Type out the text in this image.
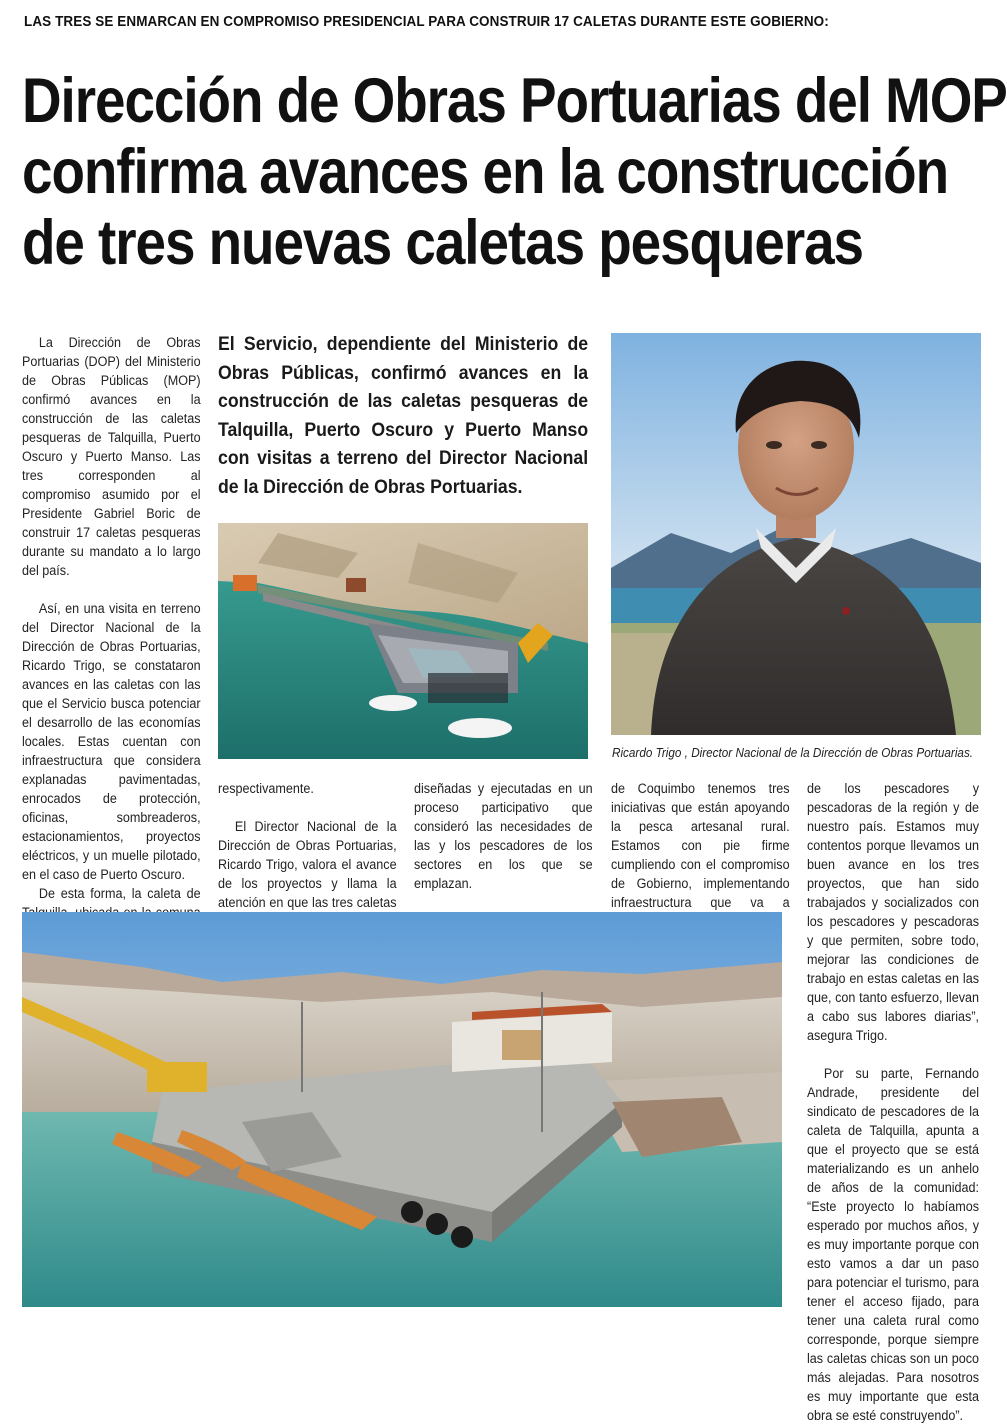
LAS TRES SE ENMARCAN EN COMPROMISO PRESIDENCIAL PARA CONSTRUIR 17 CALETAS DURANTE ESTE GOBIERNO:
Dirección de Obras Portuarias del MOP
confirma avances en la construcción
de tres nuevas caletas pesqueras

La Dirección de Obras Portuarias (DOP) del Ministerio de Obras Públicas (MOP) confirmó avances en la construcción de las caletas pesqueras de Talquilla, Puerto Oscuro y Puerto Manso. Las tres corresponden al compromiso asumido por el Presidente Gabriel Boric de construir 17 caletas pesqueras durante su mandato a lo largo del país.

Así, en una visita en terreno del Director Nacional de la Dirección de Obras Portuarias, Ricardo Trigo, se constataron avances en las caletas con las que el Servicio busca potenciar el desarrollo de las economías locales. Estas cuentan con infraestructura que considera explanadas pavimentadas, enrocados de protección, oficinas, sombreaderos, estacionamientos, proyectos eléctricos, y un muelle pilotado, en el caso de Puerto Oscuro.

De esta forma, la caleta de

El Servicio, dependiente del Ministerio de Obras Públicas, confirmó avances en la construcción de las caletas pesqueras de Talquilla, Puerto Oscuro y Puerto Manso con visitas a terreno del Director Nacional de la Dirección de Obras Portuarias.
Ricardo Trigo , Director Nacional de la Dirección de Obras Portuarias.

respectivamente.

El Director Nacional de la Dirección de Obras Portuarias, Ricardo Trigo, valora el avance de los proyectos y llama la atención en que las tres caletas

diseñadas y ejecutadas en un proceso participativo que consideró las necesidades de las y los pescadores de los sectores en los que se emplazan.

de Coquimbo tenemos tres iniciativas que están apoyando la pesca artesanal rural. Estamos con pie firme cumpliendo con el compromiso de Gobierno, implementando infraestructura que va a

de los pescadores y pescadoras de la región y de nuestro país. Estamos muy contentos porque llevamos un buen avance en los tres proyectos, que han sido trabajados y socializados con los pescadores y pescadoras y que permiten, sobre todo, mejorar las condiciones de trabajo en estas caletas en las que, con tanto esfuerzo, llevan a cabo sus labores diarias”, asegura Trigo.

Por su parte, Fernando Andrade, presidente del sindicato de pescadores de la caleta de Talquilla, apunta a que el proyecto que se está materializando es un anhelo de años de la comunidad: “Este proyecto lo habíamos esperado por muchos años, y es muy importante porque con esto vamos a dar un paso para potenciar el turismo, para tener el acceso fijado, para tener una caleta rural como corresponde, porque siempre las caletas chicas son un poco más alejadas. Para nosotros es muy importante que esta obra se esté construyendo”.
